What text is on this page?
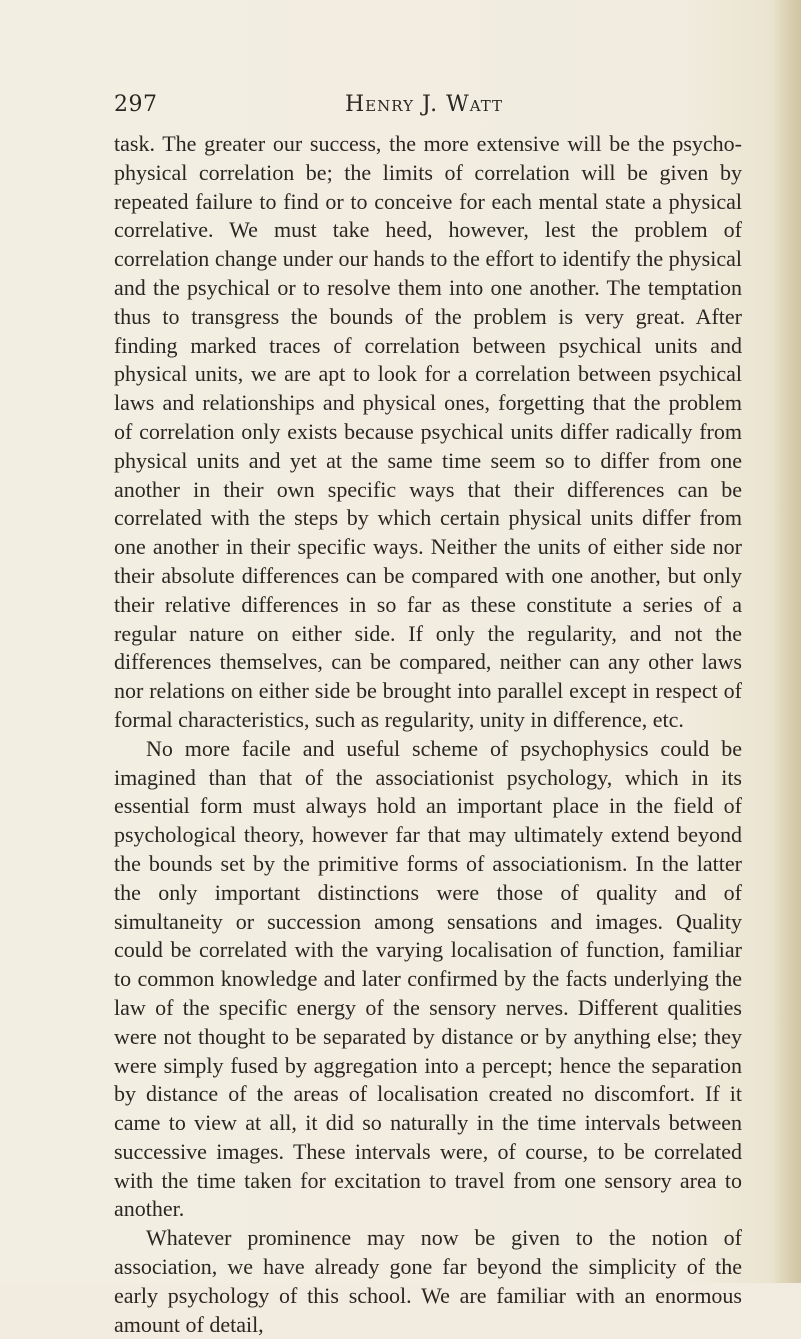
297	Henry J. Watt

task. The greater our success, the more extensive will be the psycho-physical correlation be; the limits of correlation will be given by repeated failure to find or to conceive for each mental state a physical correlative. We must take heed, however, lest the problem of correlation change under our hands to the effort to identify the physical and the psychical or to resolve them into one another. The temptation thus to transgress the bounds of the problem is very great. After finding marked traces of correlation between psychical units and physical units, we are apt to look for a correlation between psychical laws and relationships and physical ones, forgetting that the problem of correlation only exists because psychical units differ radically from physical units and yet at the same time seem so to differ from one another in their own specific ways that their differences can be correlated with the steps by which certain physical units differ from one another in their specific ways. Neither the units of either side nor their absolute differences can be compared with one another, but only their relative differences in so far as these constitute a series of a regular nature on either side. If only the regularity, and not the differences themselves, can be compared, neither can any other laws nor relations on either side be brought into parallel except in respect of formal characteristics, such as regularity, unity in difference, etc.

No more facile and useful scheme of psychophysics could be imagined than that of the associationist psychology, which in its essential form must always hold an important place in the field of psychological theory, however far that may ultimately extend beyond the bounds set by the primitive forms of associationism. In the latter the only important distinctions were those of quality and of simultaneity or succession among sensations and images. Quality could be correlated with the varying localisation of function, familiar to common knowledge and later confirmed by the facts underlying the law of the specific energy of the sensory nerves. Different qualities were not thought to be separated by distance or by anything else; they were simply fused by aggregation into a percept; hence the separation by distance of the areas of localisation created no discomfort. If it came to view at all, it did so naturally in the time intervals between successive images. These intervals were, of course, to be correlated with the time taken for excitation to travel from one sensory area to another.

Whatever prominence may now be given to the notion of association, we have already gone far beyond the simplicity of the early psychology of this school. We are familiar with an enormous amount of detail,
